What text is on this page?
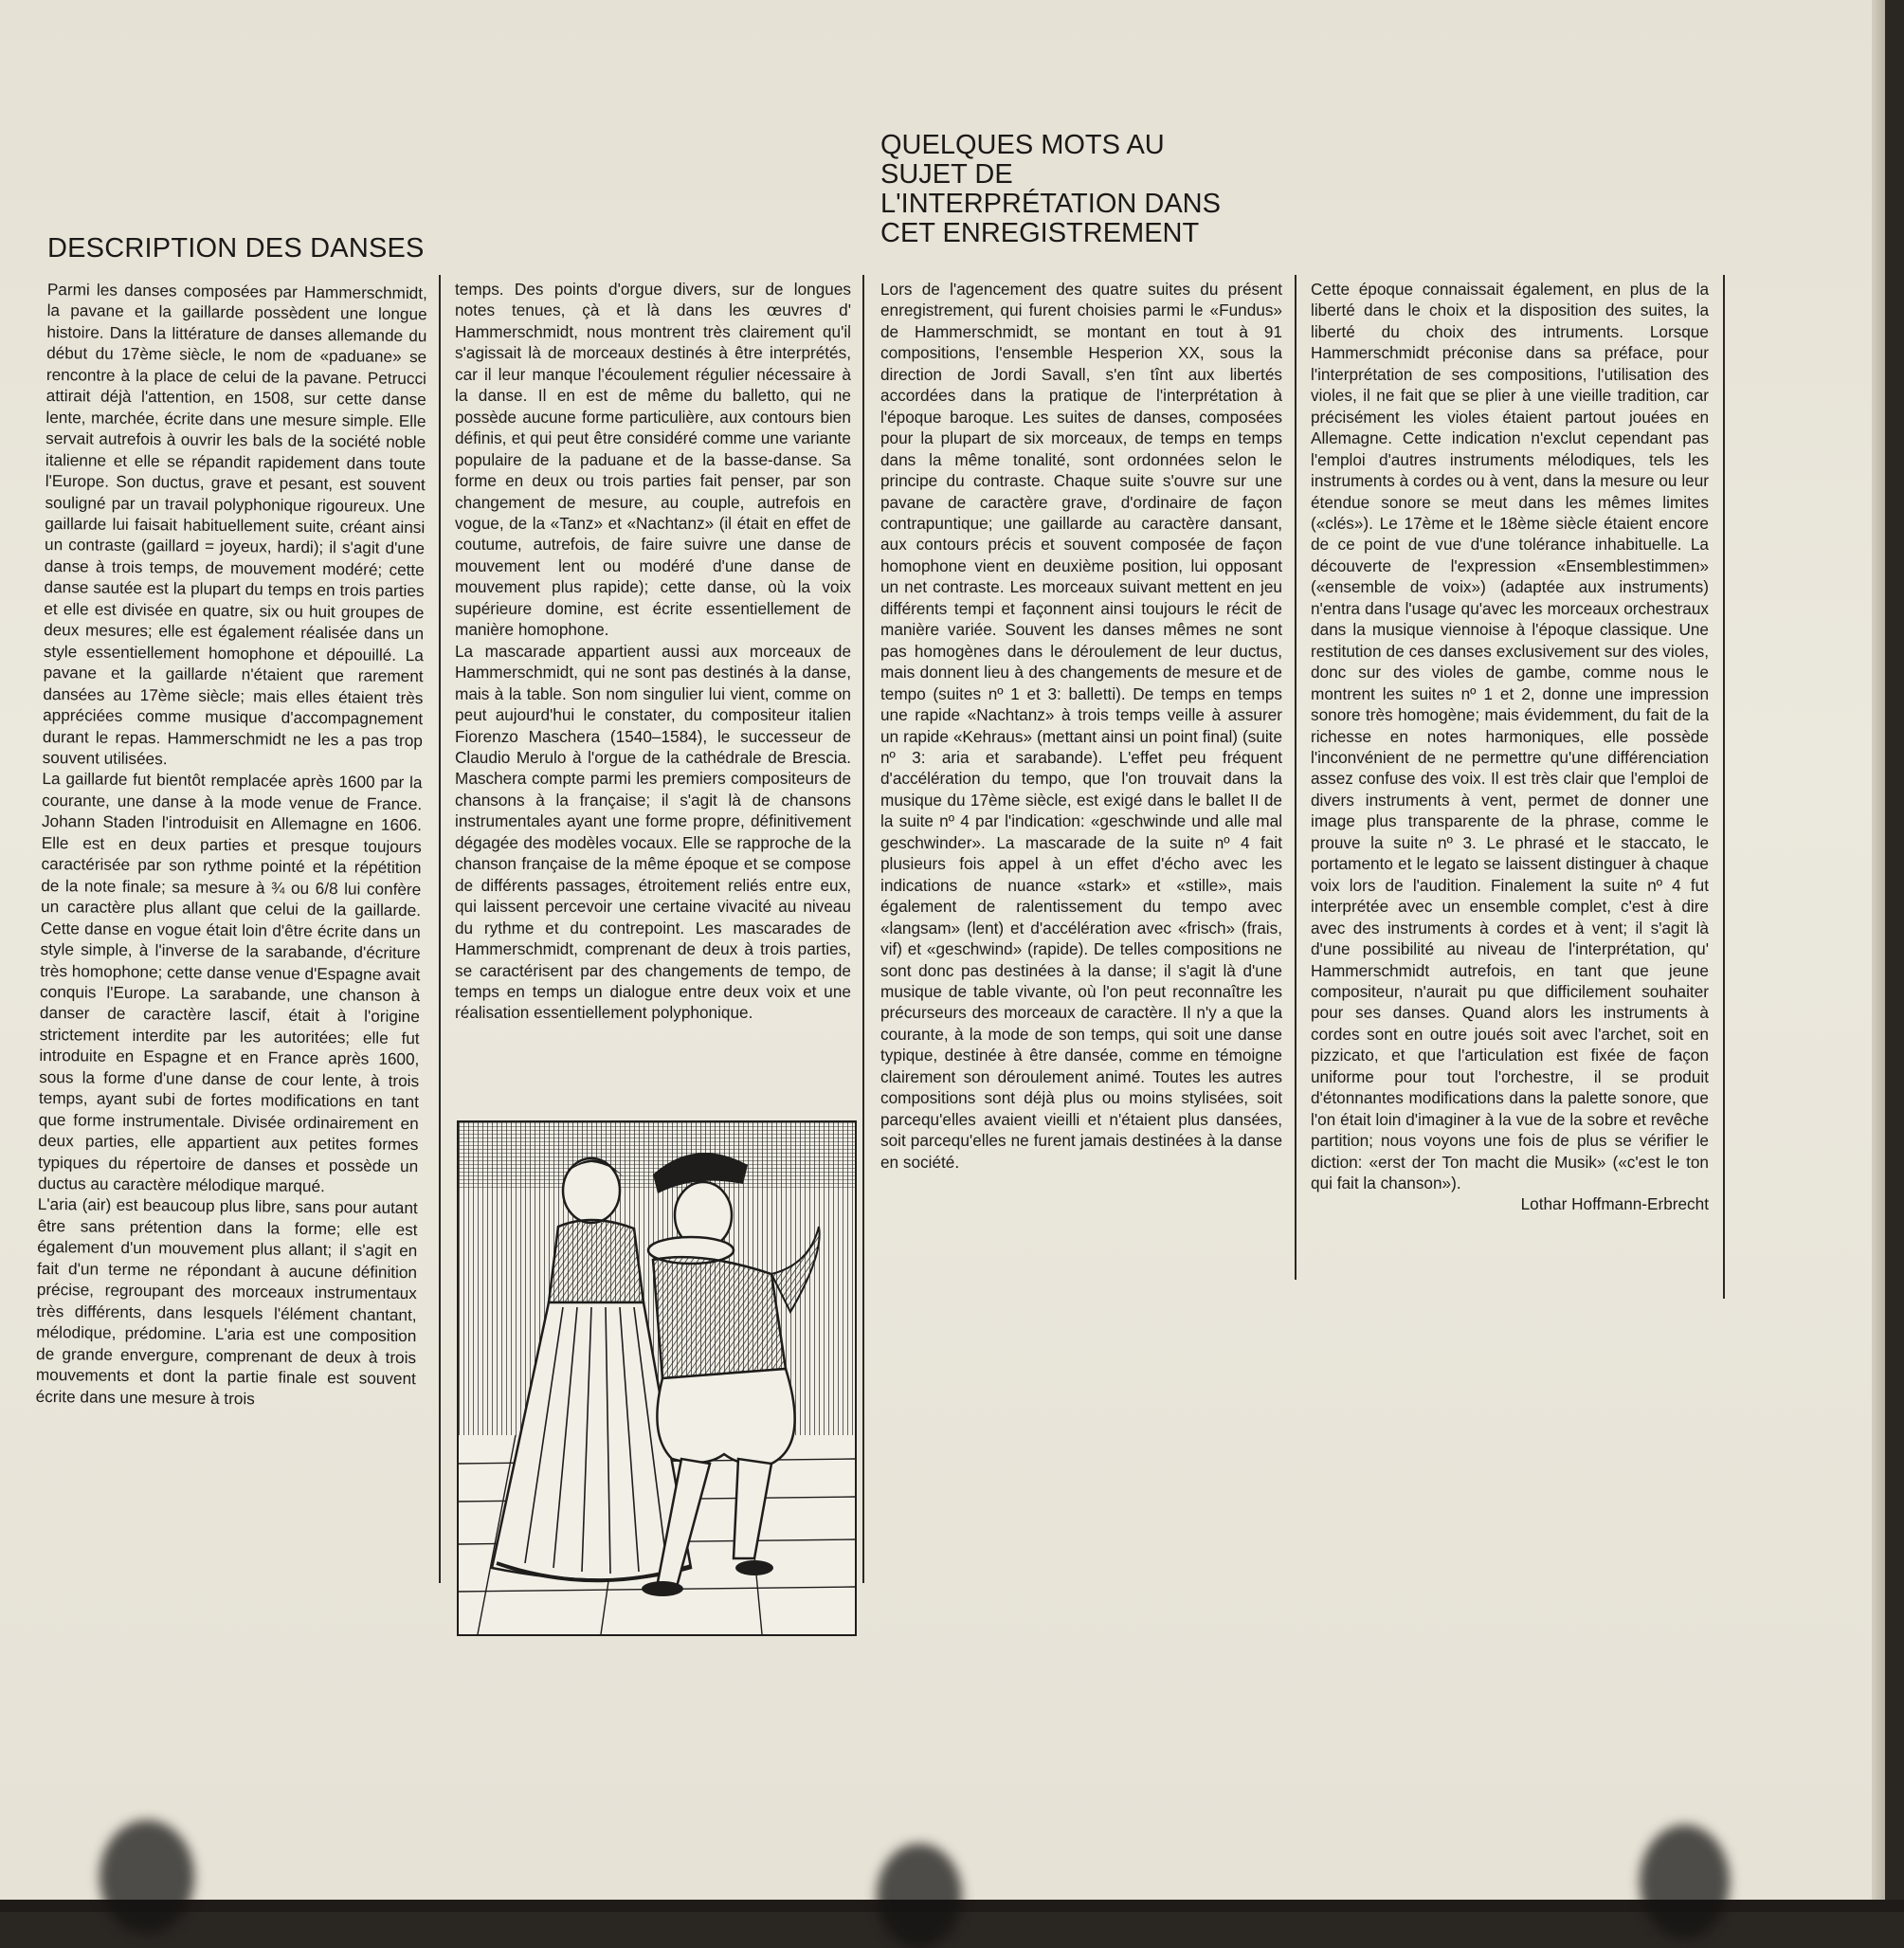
DESCRIPTION DES DANSES

Parmi les danses composées par Hammerschmidt, la pavane et la gaillarde possèdent une longue histoire. Dans la littérature de danses allemande du début du 17ème siècle, le nom de «paduane» se rencontre à la place de celui de la pavane. Petrucci attirait déjà l'attention, en 1508, sur cette danse lente, marchée, écrite dans une mesure simple. Elle servait autrefois à ouvrir les bals de la société noble italienne et elle se répandit rapidement dans toute l'Europe. Son ductus, grave et pesant, est souvent souligné par un travail polyphonique rigoureux. Une gaillarde lui faisait habituellement suite, créant ainsi un contraste (gaillard = joyeux, hardi); il s'agit d'une danse à trois temps, de mouvement modéré; cette danse sautée est la plupart du temps en trois parties et elle est divisée en quatre, six ou huit groupes de deux mesures; elle est également réalisée dans un style essentiellement homophone et dépouillé. La pavane et la gaillarde n'étaient que rarement dansées au 17ème siècle; mais elles étaient très appréciées comme musique d'accompagnement durant le repas. Hammerschmidt ne les a pas trop souvent utilisées.

La gaillarde fut bientôt remplacée après 1600 par la courante, une danse à la mode venue de France. Johann Staden l'introduisit en Allemagne en 1606. Elle est en deux parties et presque toujours caractérisée par son rythme pointé et la répétition de la note finale; sa mesure à ¾ ou 6/8 lui confère un caractère plus allant que celui de la gaillarde. Cette danse en vogue était loin d'être écrite dans un style simple, à l'inverse de la sarabande, d'écriture très homophone; cette danse venue d'Espagne avait conquis l'Europe. La sarabande, une chanson à danser de caractère lascif, était à l'origine strictement interdite par les autoritées; elle fut introduite en Espagne et en France après 1600, sous la forme d'une danse de cour lente, à trois temps, ayant subi de fortes modifications en tant que forme instrumentale. Divisée ordinairement en deux parties, elle appartient aux petites formes typiques du répertoire de danses et possède un ductus au caractère mélodique marqué.

L'aria (air) est beaucoup plus libre, sans pour autant être sans prétention dans la forme; elle est également d'un mouvement plus allant; il s'agit en fait d'un terme ne répondant à aucune définition précise, regroupant des morceaux instrumentaux très différents, dans lesquels l'élément chantant, mélodique, prédomine. L'aria est une composition de grande envergure, comprenant de deux à trois mouvements et dont la partie finale est souvent écrite dans une mesure à trois

temps. Des points d'orgue divers, sur de longues notes tenues, çà et là dans les œuvres d' Hammerschmidt, nous montrent très clairement qu'il s'agissait là de morceaux destinés à être interprétés, car il leur manque l'écoulement régulier nécessaire à la danse. Il en est de même du balletto, qui ne possède aucune forme particulière, aux contours bien définis, et qui peut être considéré comme une variante populaire de la paduane et de la basse-danse. Sa forme en deux ou trois parties fait penser, par son changement de mesure, au couple, autrefois en vogue, de la «Tanz» et «Nachtanz» (il était en effet de coutume, autrefois, de faire suivre une danse de mouvement lent ou modéré d'une danse de mouvement plus rapide); cette danse, où la voix supérieure domine, est écrite essentiellement de manière homophone.

La mascarade appartient aussi aux morceaux de Hammerschmidt, qui ne sont pas destinés à la danse, mais à la table. Son nom singulier lui vient, comme on peut aujourd'hui le constater, du compositeur italien Fiorenzo Maschera (1540–1584), le successeur de Claudio Merulo à l'orgue de la cathédrale de Brescia. Maschera compte parmi les premiers compositeurs de chansons à la française; il s'agit là de chansons instrumentales ayant une forme propre, définitivement dégagée des modèles vocaux. Elle se rapproche de la chanson française de la même époque et se compose de différents passages, étroitement reliés entre eux, qui laissent percevoir une certaine vivacité au niveau du rythme et du contrepoint. Les mascarades de Hammerschmidt, comprenant de deux à trois parties, se caractérisent par des changements de tempo, de temps en temps un dialogue entre deux voix et une réalisation essentiellement polyphonique.

QUELQUES MOTS AU
SUJET DE
L'INTERPRÉTATION DANS
CET ENREGISTREMENT

Lors de l'agencement des quatre suites du présent enregistrement, qui furent choisies parmi le «Fundus» de Hammerschmidt, se montant en tout à 91 compositions, l'ensemble Hesperion XX, sous la direction de Jordi Savall, s'en tînt aux libertés accordées dans la pratique de l'interprétation à l'époque baroque. Les suites de danses, composées pour la plupart de six morceaux, de temps en temps dans la même tonalité, sont ordonnées selon le principe du contraste. Chaque suite s'ouvre sur une pavane de caractère grave, d'ordinaire de façon contrapuntique; une gaillarde au caractère dansant, aux contours précis et souvent composée de façon homophone vient en deuxième position, lui opposant un net contraste. Les morceaux suivant mettent en jeu différents tempi et façonnent ainsi toujours le récit de manière variée. Souvent les danses mêmes ne sont pas homogènes dans le déroulement de leur ductus, mais donnent lieu à des changements de mesure et de tempo (suites nº 1 et 3: balletti). De temps en temps une rapide «Nachtanz» à trois temps veille à assurer un rapide «Kehraus» (mettant ainsi un point final) (suite nº 3: aria et sarabande). L'effet peu fréquent d'accélération du tempo, que l'on trouvait dans la musique du 17ème siècle, est exigé dans le ballet II de la suite nº 4 par l'indication: «geschwinde und alle mal geschwinder». La mascarade de la suite nº 4 fait plusieurs fois appel à un effet d'écho avec les indications de nuance «stark» et «stille», mais également de ralentissement du tempo avec «langsam» (lent) et d'accélération avec «frisch» (frais, vif) et «geschwind» (rapide). De telles compositions ne sont donc pas destinées à la danse; il s'agit là d'une musique de table vivante, où l'on peut reconnaître les précurseurs des morceaux de caractère. Il n'y a que la courante, à la mode de son temps, qui soit une danse typique, destinée à être dansée, comme en témoigne clairement son déroulement animé. Toutes les autres compositions sont déjà plus ou moins stylisées, soit parcequ'elles avaient vieilli et n'étaient plus dansées, soit parcequ'elles ne furent jamais destinées à la danse en société.

Cette époque connaissait également, en plus de la liberté dans le choix et la disposition des suites, la liberté du choix des intruments. Lorsque Hammerschmidt préconise dans sa préface, pour l'interprétation de ses compositions, l'utilisation des violes, il ne fait que se plier à une vieille tradition, car précisément les violes étaient partout jouées en Allemagne. Cette indication n'exclut cependant pas l'emploi d'autres instruments mélodiques, tels les instruments à cordes ou à vent, dans la mesure ou leur étendue sonore se meut dans les mêmes limites («clés»). Le 17ème et le 18ème siècle étaient encore de ce point de vue d'une tolérance inhabituelle. La découverte de l'expression «Ensemblestimmen» («ensemble de voix») (adaptée aux instruments) n'entra dans l'usage qu'avec les morceaux orchestraux dans la musique viennoise à l'époque classique. Une restitution de ces danses exclusivement sur des violes, donc sur des violes de gambe, comme nous le montrent les suites nº 1 et 2, donne une impression sonore très homogène; mais évidemment, du fait de la richesse en notes harmoniques, elle possède l'inconvénient de ne permettre qu'une différenciation assez confuse des voix. Il est très clair que l'emploi de divers instruments à vent, permet de donner une image plus transparente de la phrase, comme le prouve la suite nº 3. Le phrasé et le staccato, le portamento et le legato se laissent distinguer à chaque voix lors de l'audition. Finalement la suite nº 4 fut interprétée avec un ensemble complet, c'est à dire avec des instruments à cordes et à vent; il s'agit là d'une possibilité au niveau de l'interprétation, qu' Hammerschmidt autrefois, en tant que jeune compositeur, n'aurait pu que difficilement souhaiter pour ses danses. Quand alors les instruments à cordes sont en outre joués soit avec l'archet, soit en pizzicato, et que l'articulation est fixée de façon uniforme pour tout l'orchestre, il se produit d'étonnantes modifications dans la palette sonore, que l'on était loin d'imaginer à la vue de la sobre et revêche partition; nous voyons une fois de plus se vérifier le diction: «erst der Ton macht die Musik» («c'est le ton qui fait la chanson»).

Lothar Hoffmann-Erbrecht
